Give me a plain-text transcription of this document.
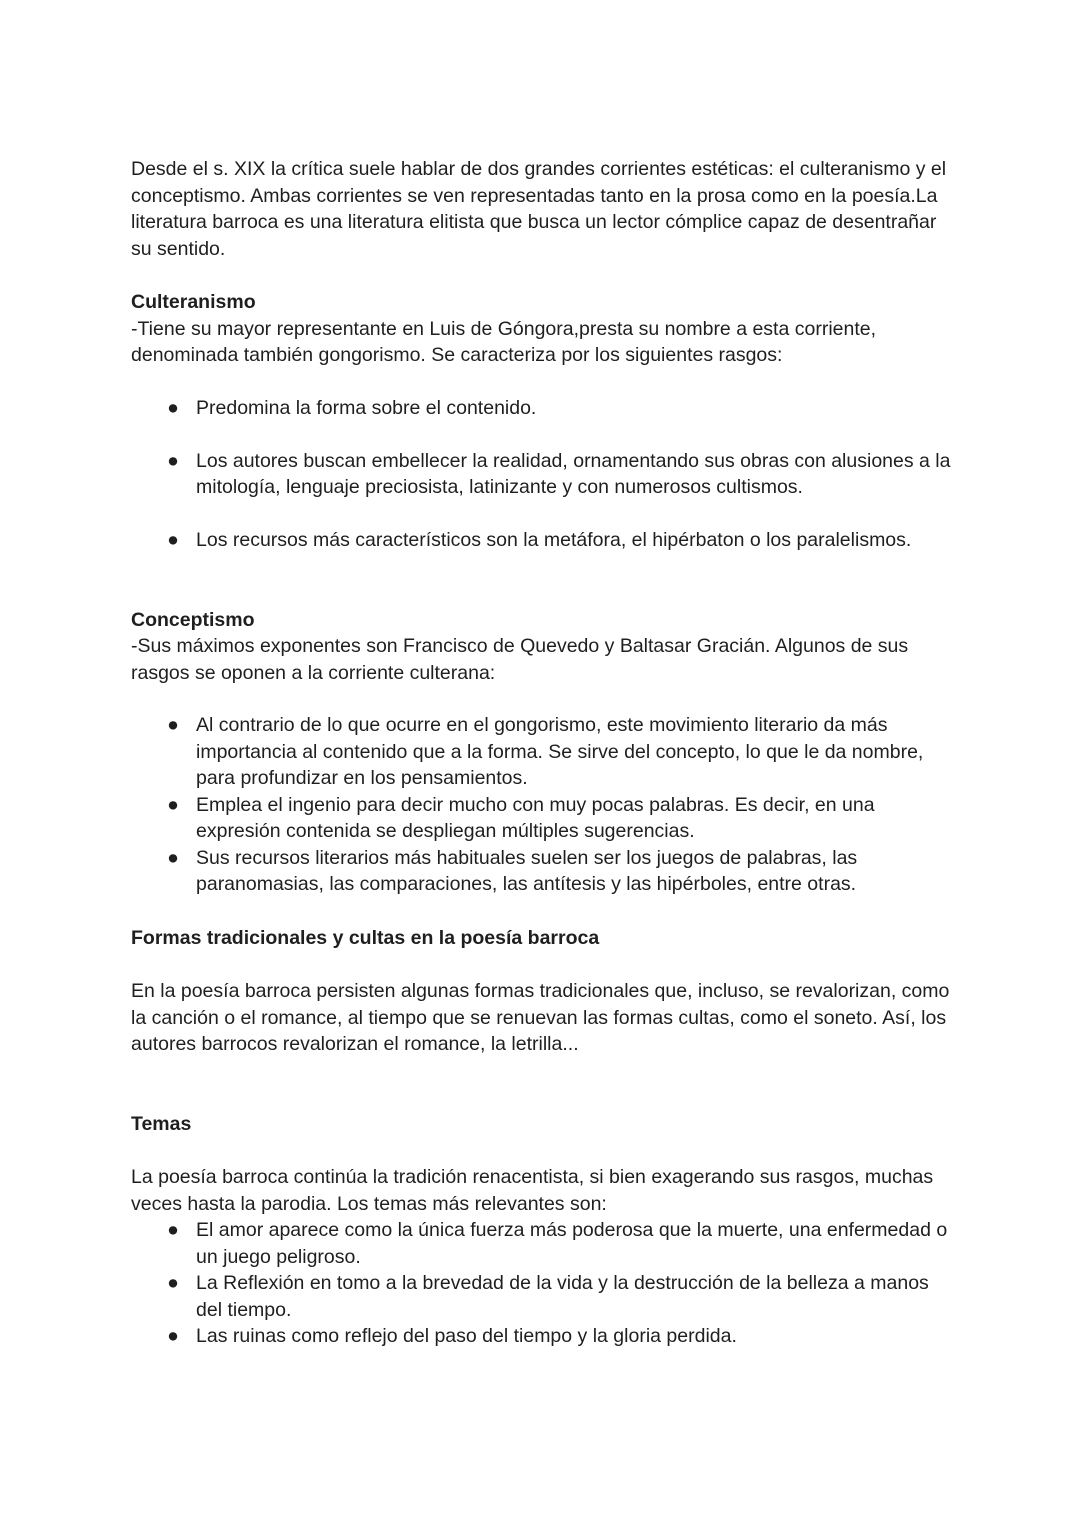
Desde el s. XIX la crítica suele hablar de dos grandes corrientes estéticas: el culteranismo y el conceptismo. Ambas corrientes se ven representadas tanto en la prosa como en la poesía.La literatura barroca es una literatura elitista que busca un lector cómplice capaz de desentrañar su sentido.

Culteranismo

-Tiene su mayor representante en Luis de Góngora,presta su nombre a esta corriente, denominada también gongorismo. Se caracteriza por los siguientes rasgos:

● Predomina la forma sobre el contenido.
● Los autores buscan embellecer la realidad, ornamentando sus obras con alusiones a la mitología, lenguaje preciosista, latinizante y con numerosos cultismos.
● Los recursos más característicos son la metáfora, el hipérbaton o los paralelismos.

Conceptismo

-Sus máximos exponentes son Francisco de Quevedo y Baltasar Gracián. Algunos de sus rasgos se oponen a la corriente culterana:

● Al contrario de lo que ocurre en el gongorismo, este movimiento literario da más importancia al contenido que a la forma. Se sirve del concepto, lo que le da nombre, para profundizar en los pensamientos.
● Emplea el ingenio para decir mucho con muy pocas palabras. Es decir, en una expresión contenida se despliegan múltiples sugerencias.
● Sus recursos literarios más habituales suelen ser los juegos de palabras, las paranomasias, las comparaciones, las antítesis y las hipérboles, entre otras.

Formas tradicionales y cultas en la poesía barroca

En la poesía barroca persisten algunas formas tradicionales que, incluso, se revalorizan, como la canción o el romance, al tiempo que se renuevan las formas cultas, como el soneto. Así, los autores barrocos revalorizan el romance, la letrilla...

Temas

La poesía barroca continúa la tradición renacentista, si bien exagerando sus rasgos, muchas veces hasta la parodia. Los temas más relevantes son:

● El amor aparece como la única fuerza más poderosa que la muerte, una enfermedad o un juego peligroso.
● La Reflexión en tomo a la brevedad de la vida y la destrucción de la belleza a manos del tiempo.
● Las ruinas como reflejo del paso del tiempo y la gloria perdida.
